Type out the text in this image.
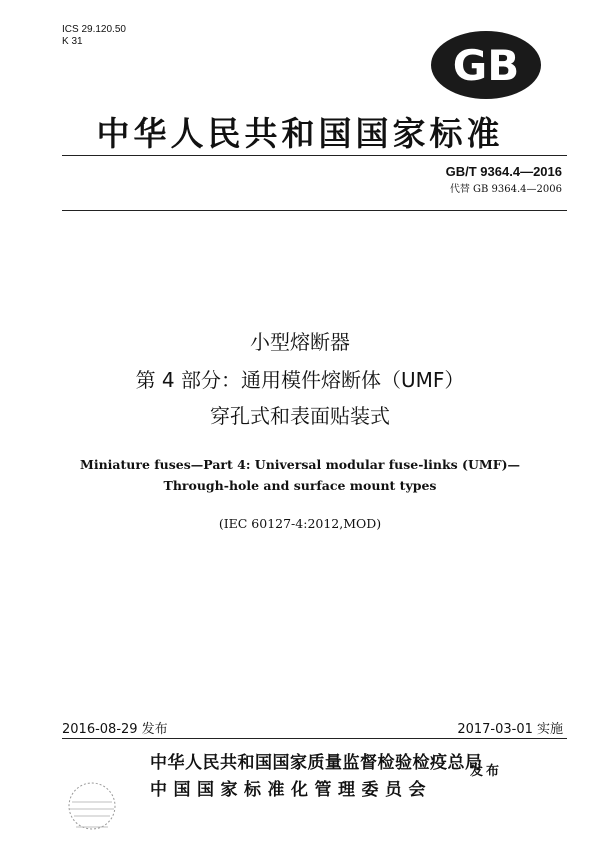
ICS 29.120.50
K 31	GB
中华人民共和国国家标准
GB/T 9364.4—2016
代替 GB 9364.4—2006
小型熔断器
第 4 部分：通用模件熔断体（UMF）
穿孔式和表面贴装式
Miniature fuses—Part 4: Universal modular fuse-links (UMF)—
Through-hole and surface mount types
(IEC 60127-4:2012,MOD)
2016-08-29 发布	2017-03-01 实施
中华人民共和国国家质量监督检验检疫总局
中国国家标准化管理委员会
发布
